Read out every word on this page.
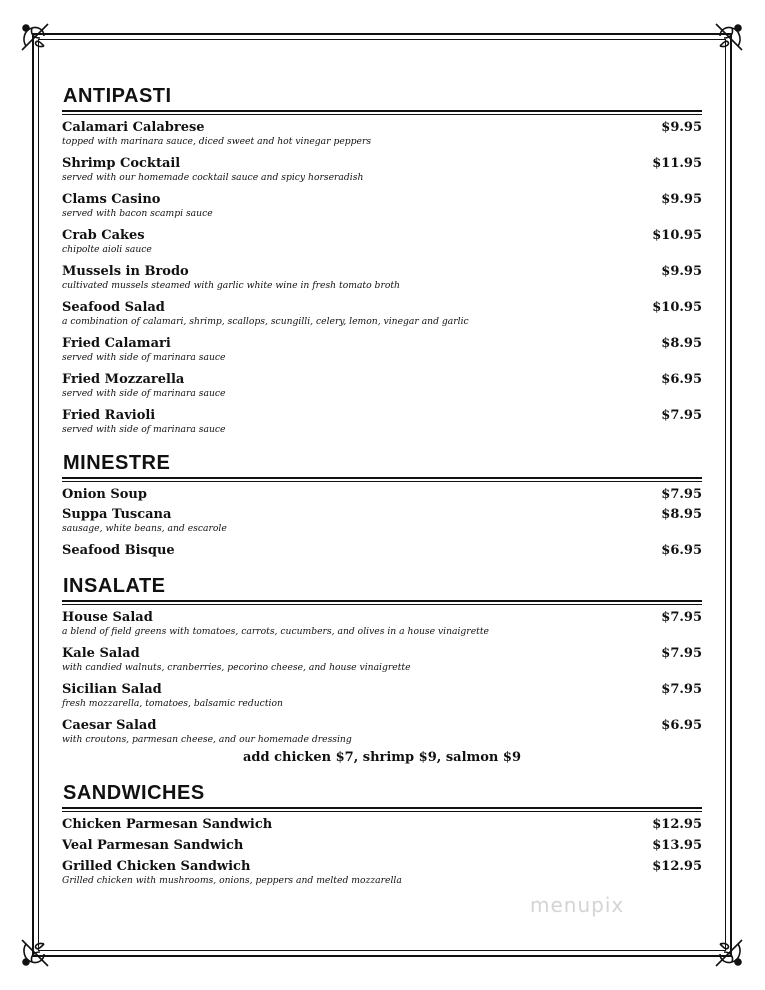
ANTIPASTI
Calamari Calabrese	$9.95
topped with marinara sauce, diced sweet and hot vinegar peppers
Shrimp Cocktail	$11.95
served with our homemade cocktail sauce and spicy horseradish
Clams Casino	$9.95
served with bacon scampi sauce
Crab Cakes	$10.95
chipolte aioli sauce
Mussels in Brodo	$9.95
cultivated mussels steamed with garlic white wine in fresh tomato broth
Seafood Salad	$10.95
a combination of calamari, shrimp, scallops, scungilli, celery, lemon, vinegar and garlic
Fried Calamari	$8.95
served with side of marinara sauce
Fried Mozzarella	$6.95
served with side of marinara sauce
Fried Ravioli	$7.95
served with side of marinara sauce
MINESTRE
Onion Soup	$7.95
Suppa Tuscana	$8.95
sausage, white beans, and escarole
Seafood Bisque	$6.95
INSALATE
House Salad	$7.95
a blend of field greens with tomatoes, carrots, cucumbers, and olives in a house vinaigrette
Kale Salad	$7.95
with candied walnuts, cranberries, pecorino cheese, and house vinaigrette
Sicilian Salad	$7.95
fresh mozzarella, tomatoes, balsamic reduction
Caesar Salad	$6.95
with croutons, parmesan cheese, and our homemade dressing
add chicken $7, shrimp $9, salmon $9
SANDWICHES
Chicken Parmesan Sandwich	$12.95
Veal Parmesan Sandwich	$13.95
Grilled Chicken Sandwich	$12.95
Grilled chicken with mushrooms, onions, peppers and melted mozzarella
menupix
